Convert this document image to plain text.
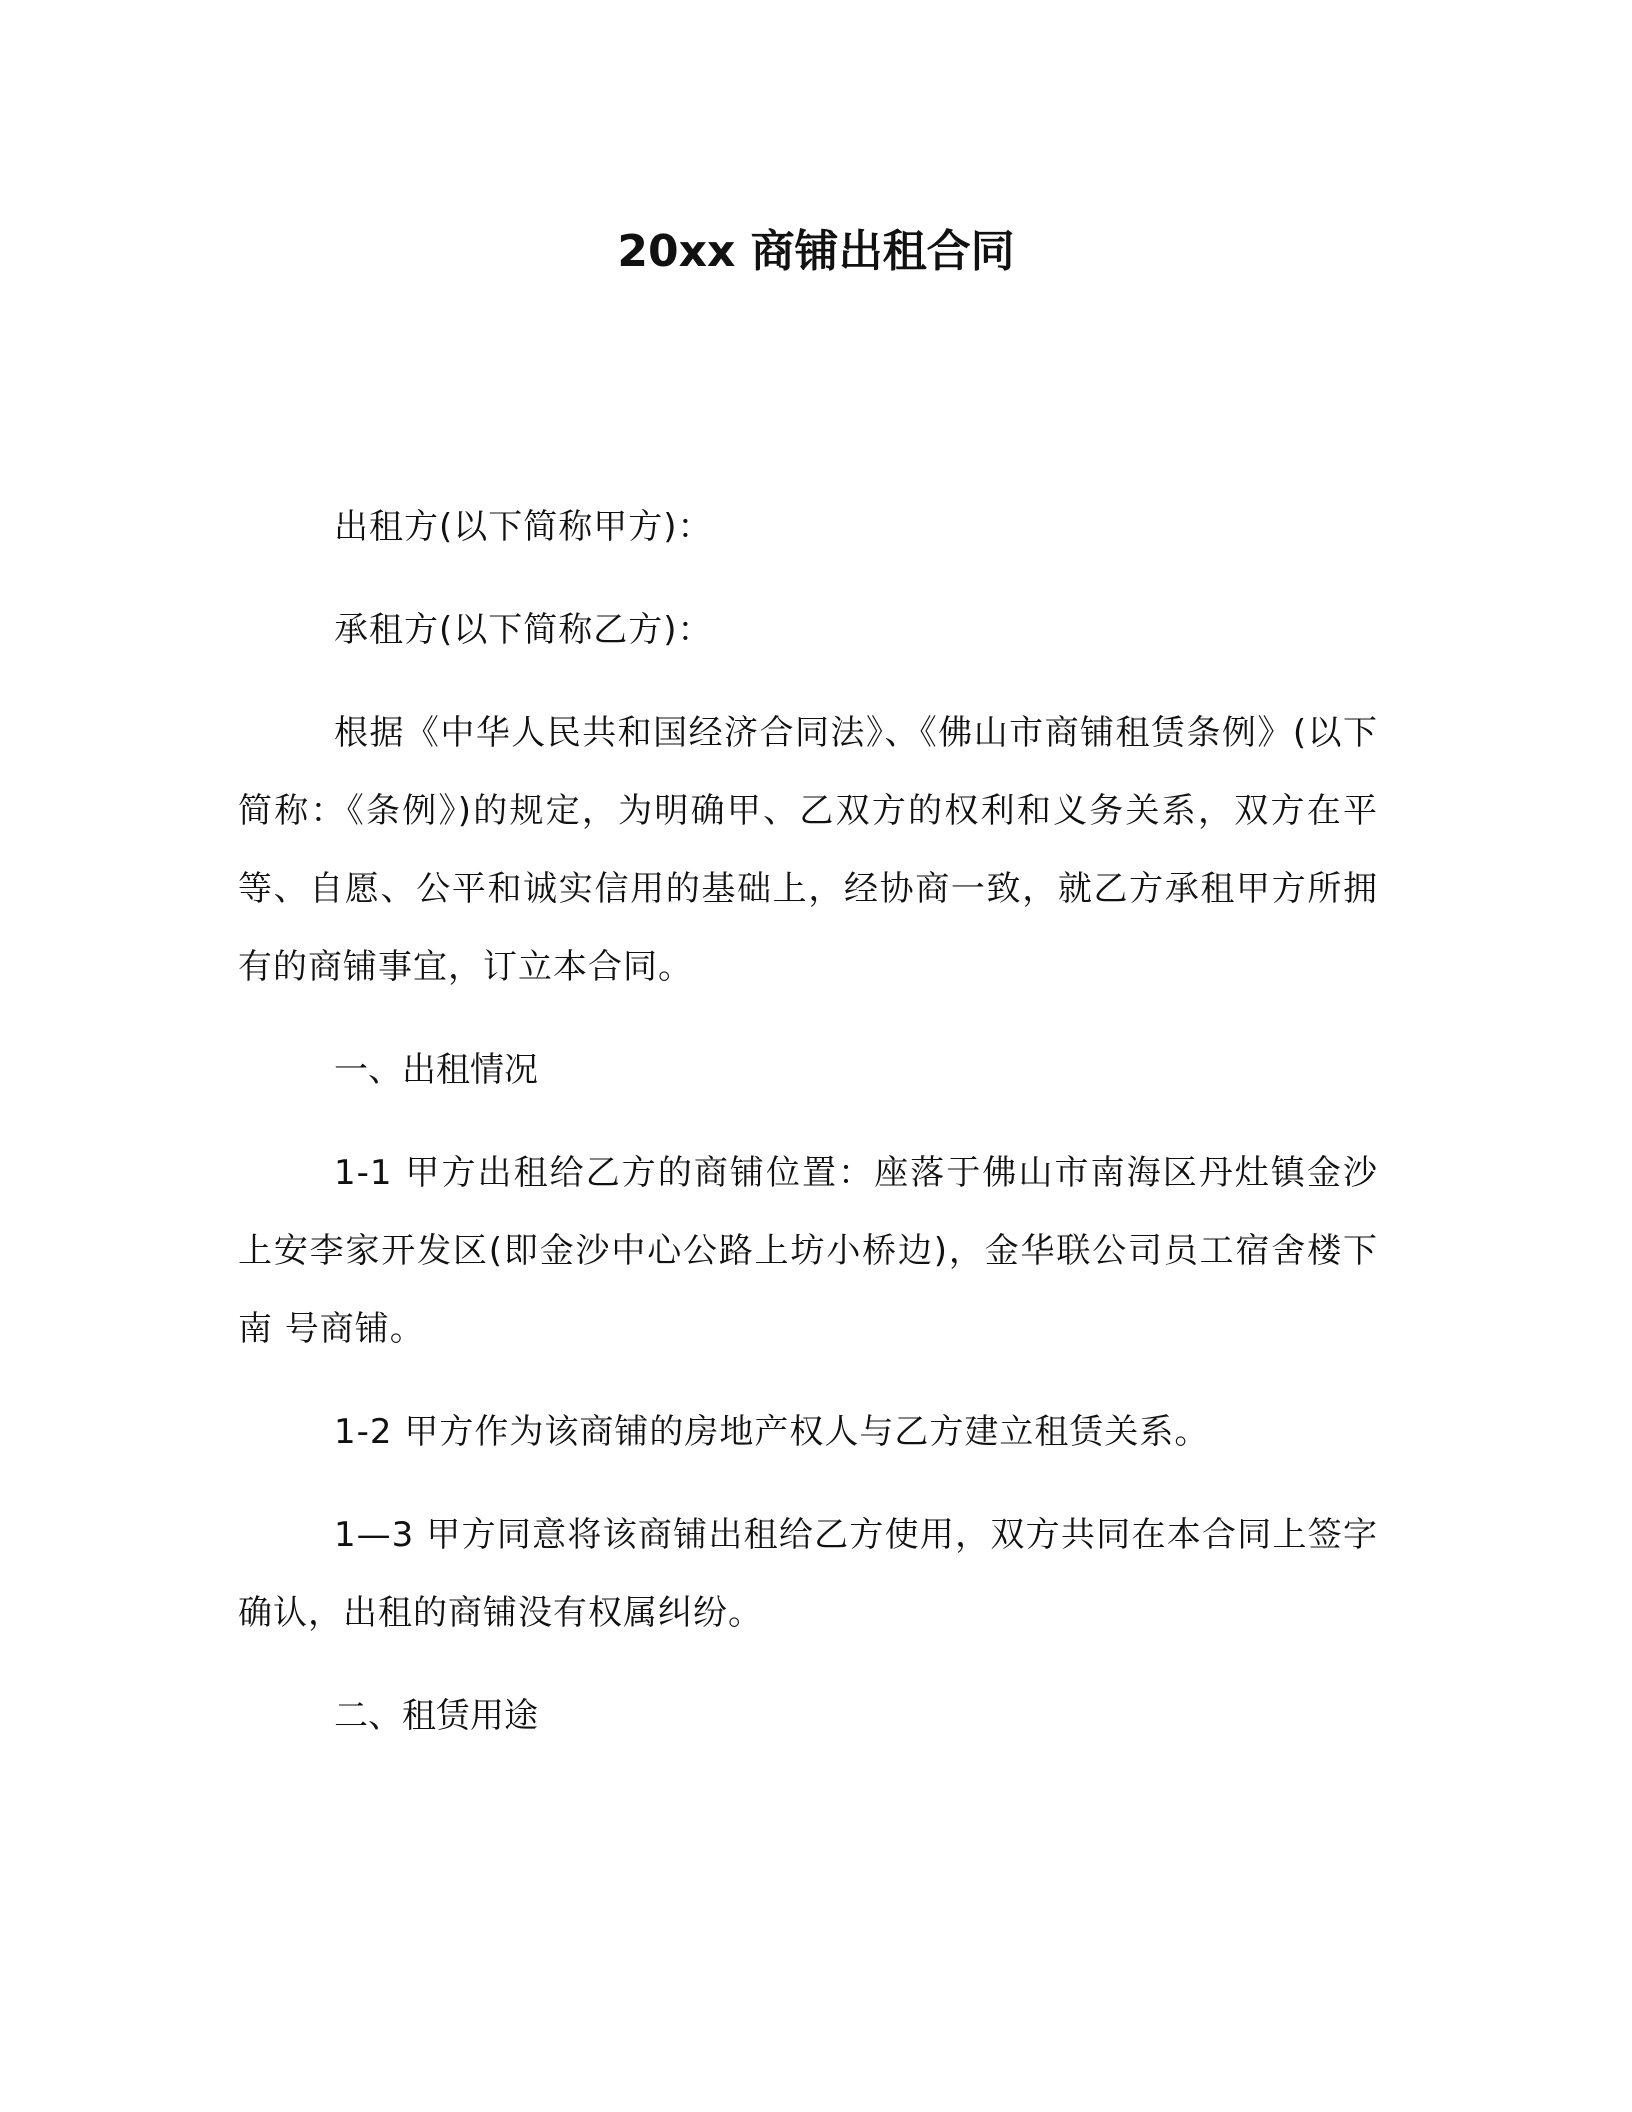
20xx 商铺出租合同

出租方(以下简称甲方)：

承租方(以下简称乙方)：

根据《中华人民共和国经济合同法》、《佛山市商铺租赁条例》(以下简称：《条例》)的规定，为明确甲、乙双方的权利和义务关系，双方在平等、自愿、公平和诚实信用的基础上，经协商一致，就乙方承租甲方所拥有的商铺事宜，订立本合同。

一、出租情况

1-1 甲方出租给乙方的商铺位置：座落于佛山市南海区丹灶镇金沙上安李家开发区(即金沙中心公路上坊小桥边)，金华联公司员工宿舍楼下南 号商铺。

1-2 甲方作为该商铺的房地产权人与乙方建立租赁关系。

1—3 甲方同意将该商铺出租给乙方使用，双方共同在本合同上签字确认，出租的商铺没有权属纠纷。

二、租赁用途
